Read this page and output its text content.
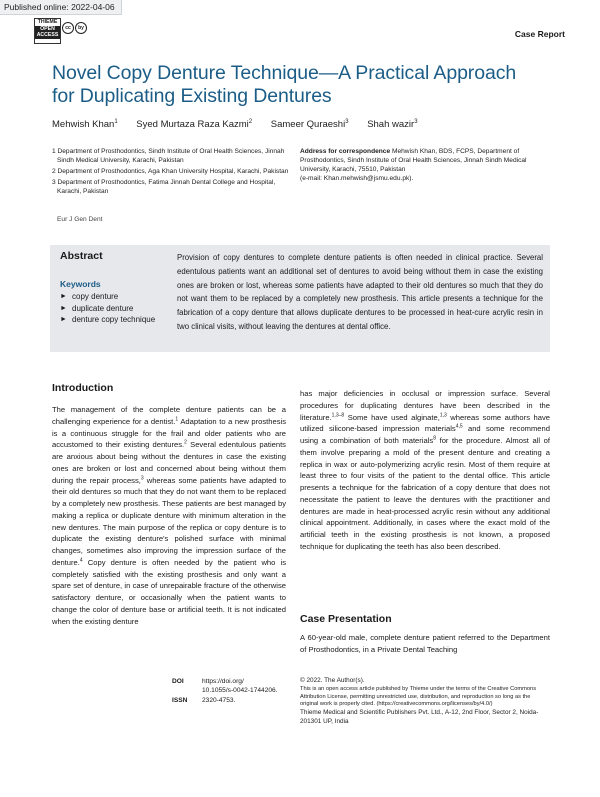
Published online: 2022-04-06
THIEME
OPEN
ACCESS
cc by
Case Report
Novel Copy Denture Technique—A Practical Approach for Duplicating Existing Dentures
Mehwish Khan$^1$ Syed Murtaza Raza Kazmi$^2$ Sameer Quraeshi$^3$ Shah wazir$^3$
1 Department of Prosthodontics, Sindh Institute of Oral Health Sciences, Jinnah Sindh Medical University, Karachi, Pakistan
2 Department of Prosthodontics, Aga Khan University Hospital, Karachi, Pakistan
3 Department of Prosthodontics, Fatima Jinnah Dental College and Hospital, Karachi, Pakistan
Address for correspondence Mehwish Khan, BDS, FCPS, Department of Prosthodontics, Sindh Institute of Oral Health Sciences, Jinnah Sindh Medical University, Karachi, 75510, Pakistan
(e-mail: Khan.mehwish@jsmu.edu.pk).
Eur J Gen Dent
Abstract
Keywords
► copy denture
► duplicate denture
► denture copy technique

Provision of copy dentures to complete denture patients is often needed in clinical practice. Several edentulous patients want an additional set of dentures to avoid being without them in case the existing ones are broken or lost, whereas some patients have adapted to their old dentures so much that they do not want them to be replaced by a completely new prosthesis. This article presents a technique for the fabrication of a copy denture that allows duplicate dentures to be processed in heat-cure acrylic resin in two clinical visits, without leaving the dentures at dental office.

Introduction

The management of the complete denture patients can be a challenging experience for a dentist.$^1$ Adaptation to a new prosthesis is a continuous struggle for the frail and older patients who are accustomed to their existing dentures.$^2$ Several edentulous patients are anxious about being without the dentures in case the existing ones are broken or lost and concerned about being without them during the repair process,$^3$ whereas some patients have adapted to their old dentures so much that they do not want them to be replaced by a completely new prosthesis. These patients are best managed by making a replica or duplicate denture with minimum alteration in the new dentures. The main purpose of the replica or copy denture is to duplicate the existing denture's polished surface with minimal changes, sometimes also improving the impression surface of the denture.$^4$ Copy denture is often needed by the patient who is completely satisfied with the existing prosthesis and only want a spare set of denture, in case of unrepairable fracture of the otherwise satisfactory denture, or occasionally when the patient wants to change the color of denture base or artificial teeth. It is not indicated when the existing denture

has major deficiencies in occlusal or impression surface. Several procedures for duplicating dentures have been described in the literature.$^{1,3-8}$ Some have used alginate,$^{1,3}$ whereas some authors have utilized silicone-based impression materials$^{4,5}$ and some recommend using a combination of both materials$^8$ for the procedure. Almost all of them involve preparing a mold of the present denture and creating a replica in wax or auto-polymerizing acrylic resin. Most of them require at least three to four visits of the patient to the dental office. This article presents a technique for the fabrication of a copy denture that does not necessitate the patient to leave the dentures with the practitioner and dentures are made in heat-processed acrylic resin without any additional clinical appointment. Additionally, in cases where the exact mold of the artificial teeth in the existing prosthesis is not known, a proposed technique for duplicating the teeth has also been described.

Case Presentation

A 60-year-old male, complete denture patient referred to the Department of Prosthodontics, in a Private Dental Teaching

DOI	https://doi.org/
10.1055/s-0042-1744206.
ISSN 2320-4753.
© 2022. The Author(s).
This is an open access article published by Thieme under the terms of the Creative Commons Attribution License, permitting unrestricted use, distribution, and reproduction so long as the original work is properly cited. (https://creativecommons.org/licenses/by/4.0/)
Thieme Medical and Scientific Publishers Pvt. Ltd., A-12, 2nd Floor, Sector 2, Noida-201301 UP, India
